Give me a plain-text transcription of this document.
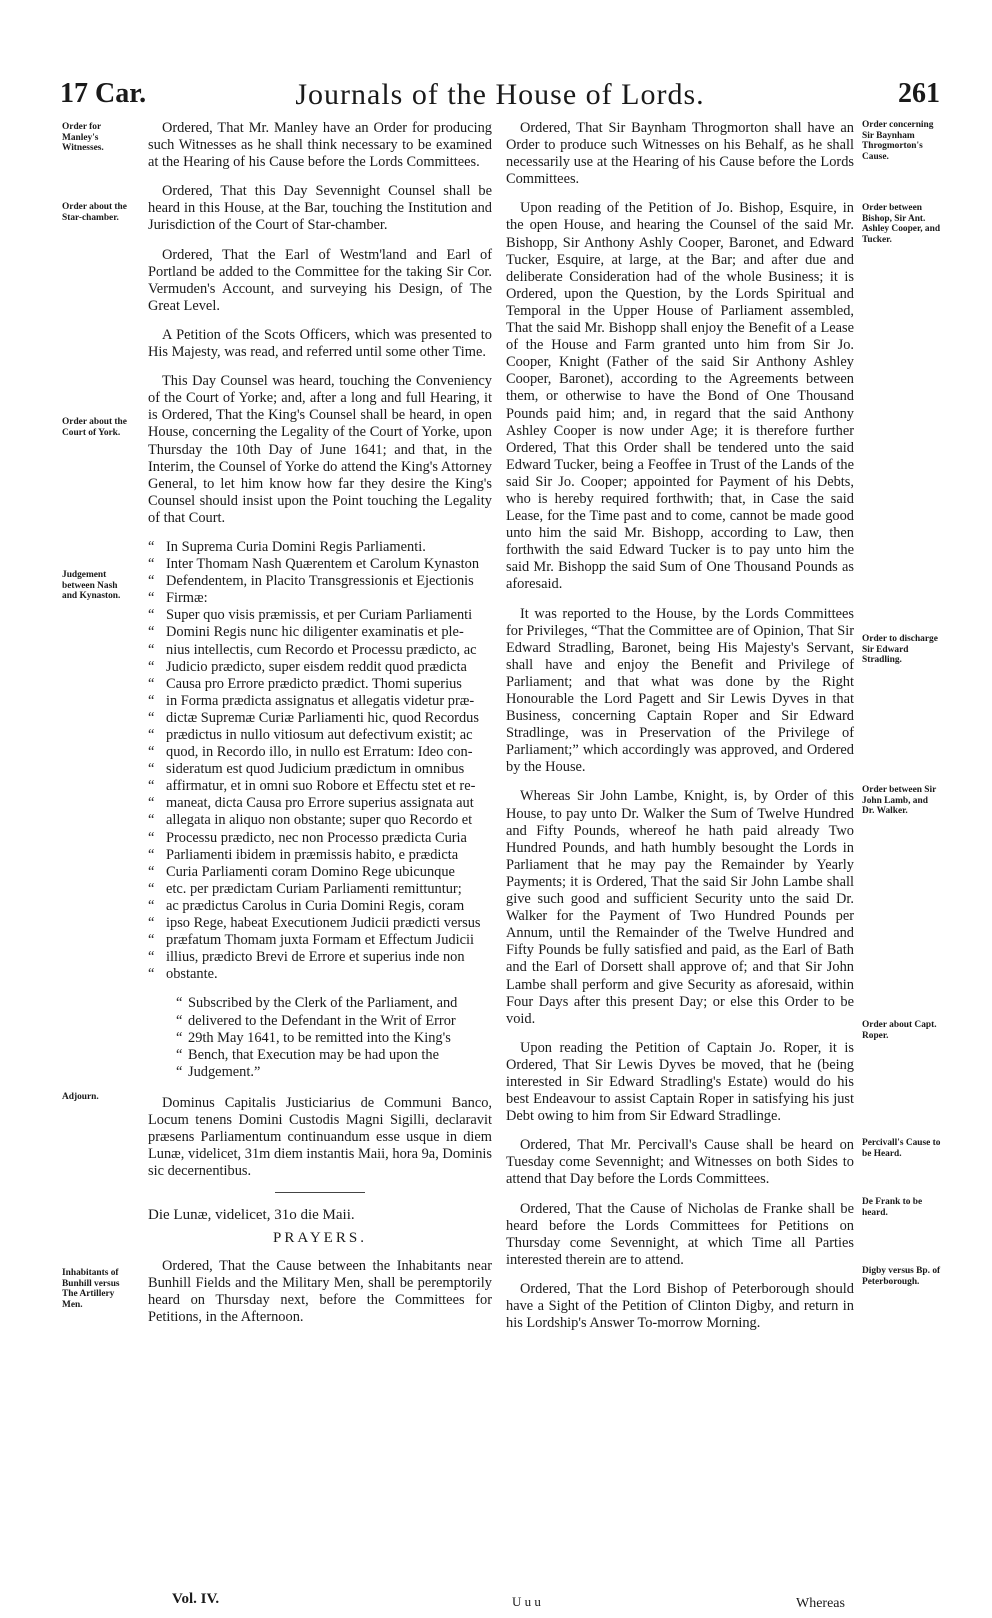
17 Car.	Journals of the House of Lords.	261
Order for Manley's Witnesses.
Order about the Star-chamber.
Order about the Court of York.
Judgement between Nash and Kynaston.
Adjourn.
Inhabitants of Bunhill versus The Artillery Men.
Order concerning Sir Baynham Throgmorton's Cause.
Order between Bishop, Sir Ant. Ashley Cooper, and Tucker.
Order to discharge Sir Edward Stradling.
Order between Sir John Lamb, and Dr. Walker.
Order about Capt. Roper.
Percivall's Cause to be Heard.
De Frank to be heard.
Digby versus Bp. of Peterborough.

Ordered, That Mr. Manley have an Order for producing such Witnesses as he shall think necessary to be examined at the Hearing of his Cause before the Lords Committees.

Ordered, That this Day Sevennight Counsel shall be heard in this House, at the Bar, touching the Institution and Jurisdiction of the Court of Star-chamber.

Ordered, That the Earl of Westm'land and Earl of Portland be added to the Committee for the taking Sir Cor. Vermuden's Account, and surveying his Design, of The Great Level.

A Petition of the Scots Officers, which was presented to His Majesty, was read, and referred until some other Time.

This Day Counsel was heard, touching the Conveniency of the Court of Yorke; and, after a long and full Hearing, it is Ordered, That the King's Counsel shall be heard, in open House, concerning the Legality of the Court of Yorke, upon Thursday the 10th Day of June 1641; and that, in the Interim, the Counsel of Yorke do attend the King's Attorney General, to let him know how far they desire the King's Counsel should insist upon the Point touching the Legality of that Court.

“ In Suprema Curia Domini Regis Parliamenti.
“ Inter Thomam Nash Quærentem et Carolum Kynaston
“ Defendentem, in Placito Transgressionis et Ejectionis
“ Firmæ:
“ Super quo visis præmissis, et per Curiam Parliamenti
“ Domini Regis nunc hic diligenter examinatis et ple-
“ nius intellectis, cum Recordo et Processu prædicto, ac
“ Judicio prædicto, super eisdem reddit quod prædicta
“ Causa pro Errore prædicto prædict. Thomi superius
“ in Forma prædicta assignatus et allegatis videtur præ-
“ dictæ Supremæ Curiæ Parliamenti hic, quod Recordus
“ prædictus in nullo vitiosum aut defectivum existit; ac
“ quod, in Recordo illo, in nullo est Erratum: Ideo con-
“ sideratum est quod Judicium prædictum in omnibus
“ affirmatur, et in omni suo Robore et Effectu stet et re-
“ maneat, dicta Causa pro Errore superius assignata aut
“ allegata in aliquo non obstante; super quo Recordo et
“ Processu prædicto, nec non Processo prædicta Curia
“ Parliamenti ibidem in præmissis habito, e prædicta
“ Curia Parliamenti coram Domino Rege ubicunque
“ etc. per prædictam Curiam Parliamenti remittuntur;
“ ac prædictus Carolus in Curia Domini Regis, coram
“ ipso Rege, habeat Executionem Judicii prædicti versus
“ præfatum Thomam juxta Formam et Effectum Judicii
“ illius, prædicto Brevi de Errore et superius inde non
“ obstante.
“ Subscribed by the Clerk of the Parliament, and
“ delivered to the Defendant in the Writ of Error
“ 29th May 1641, to be remitted into the King's
“ Bench, that Execution may be had upon the
“ Judgement.”

Dominus Capitalis Justiciarius de Communi Banco, Locum tenens Domini Custodis Magni Sigilli, declaravit præsens Parliamentum continuandum esse usque in diem Lunæ, videlicet, 31m diem instantis Maii, hora 9a, Dominis sic decernentibus.

Die Lunæ, videlicet, 31o die Maii.
PRAYERS.

Ordered, That the Cause between the Inhabitants near Bunhill Fields and the Military Men, shall be peremptorily heard on Thursday next, before the Committees for Petitions, in the Afternoon.

Ordered, That Sir Baynham Throgmorton shall have an Order to produce such Witnesses on his Behalf, as he shall necessarily use at the Hearing of his Cause before the Lords Committees.

Upon reading of the Petition of Jo. Bishop, Esquire, in the open House, and hearing the Counsel of the said Mr. Bishopp, Sir Anthony Ashly Cooper, Baronet, and Edward Tucker, Esquire, at large, at the Bar; and after due and deliberate Consideration had of the whole Business; it is Ordered, upon the Question, by the Lords Spiritual and Temporal in the Upper House of Parliament assembled, That the said Mr. Bishopp shall enjoy the Benefit of a Lease of the House and Farm granted unto him from Sir Jo. Cooper, Knight (Father of the said Sir Anthony Ashley Cooper, Baronet), according to the Agreements between them, or otherwise to have the Bond of One Thousand Pounds paid him; and, in regard that the said Anthony Ashley Cooper is now under Age; it is therefore further Ordered, That this Order shall be tendered unto the said Edward Tucker, being a Feoffee in Trust of the Lands of the said Sir Jo. Cooper; appointed for Payment of his Debts, who is hereby required forthwith; that, in Case the said Lease, for the Time past and to come, cannot be made good unto him the said Mr. Bishopp, according to Law, then forthwith the said Edward Tucker is to pay unto him the said Mr. Bishopp the said Sum of One Thousand Pounds as aforesaid.

It was reported to the House, by the Lords Committees for Privileges, “That the Committee are of Opinion, That Sir Edward Stradling, Baronet, being His Majesty's Servant, shall have and enjoy the Benefit and Privilege of Parliament; and that what was done by the Right Honourable the Lord Pagett and Sir Lewis Dyves in that Business, concerning Captain Roper and Sir Edward Stradlinge, was in Preservation of the Privilege of Parliament;” which accordingly was approved, and Ordered by the House.

Whereas Sir John Lambe, Knight, is, by Order of this House, to pay unto Dr. Walker the Sum of Twelve Hundred and Fifty Pounds, whereof he hath paid already Two Hundred Pounds, and hath humbly besought the Lords in Parliament that he may pay the Remainder by Yearly Payments; it is Ordered, That the said Sir John Lambe shall give such good and sufficient Security unto the said Dr. Walker for the Payment of Two Hundred Pounds per Annum, until the Remainder of the Twelve Hundred and Fifty Pounds be fully satisfied and paid, as the Earl of Bath and the Earl of Dorsett shall approve of; and that Sir John Lambe shall perform and give Security as aforesaid, within Four Days after this present Day; or else this Order to be void.

Upon reading the Petition of Captain Jo. Roper, it is Ordered, That Sir Lewis Dyves be moved, that he (being interested in Sir Edward Stradling's Estate) would do his best Endeavour to assist Captain Roper in satisfying his just Debt owing to him from Sir Edward Stradlinge.

Ordered, That Mr. Percivall's Cause shall be heard on Tuesday come Sevennight; and Witnesses on both Sides to attend that Day before the Lords Committees.

Ordered, That the Cause of Nicholas de Franke shall be heard before the Lords Committees for Petitions on Thursday come Sevennight, at which Time all Parties interested therein are to attend.

Ordered, That the Lord Bishop of Peterborough should have a Sight of the Petition of Clinton Digby, and return in his Lordship's Answer To-morrow Morning.

Vol. IV.	U u u	Whereas
